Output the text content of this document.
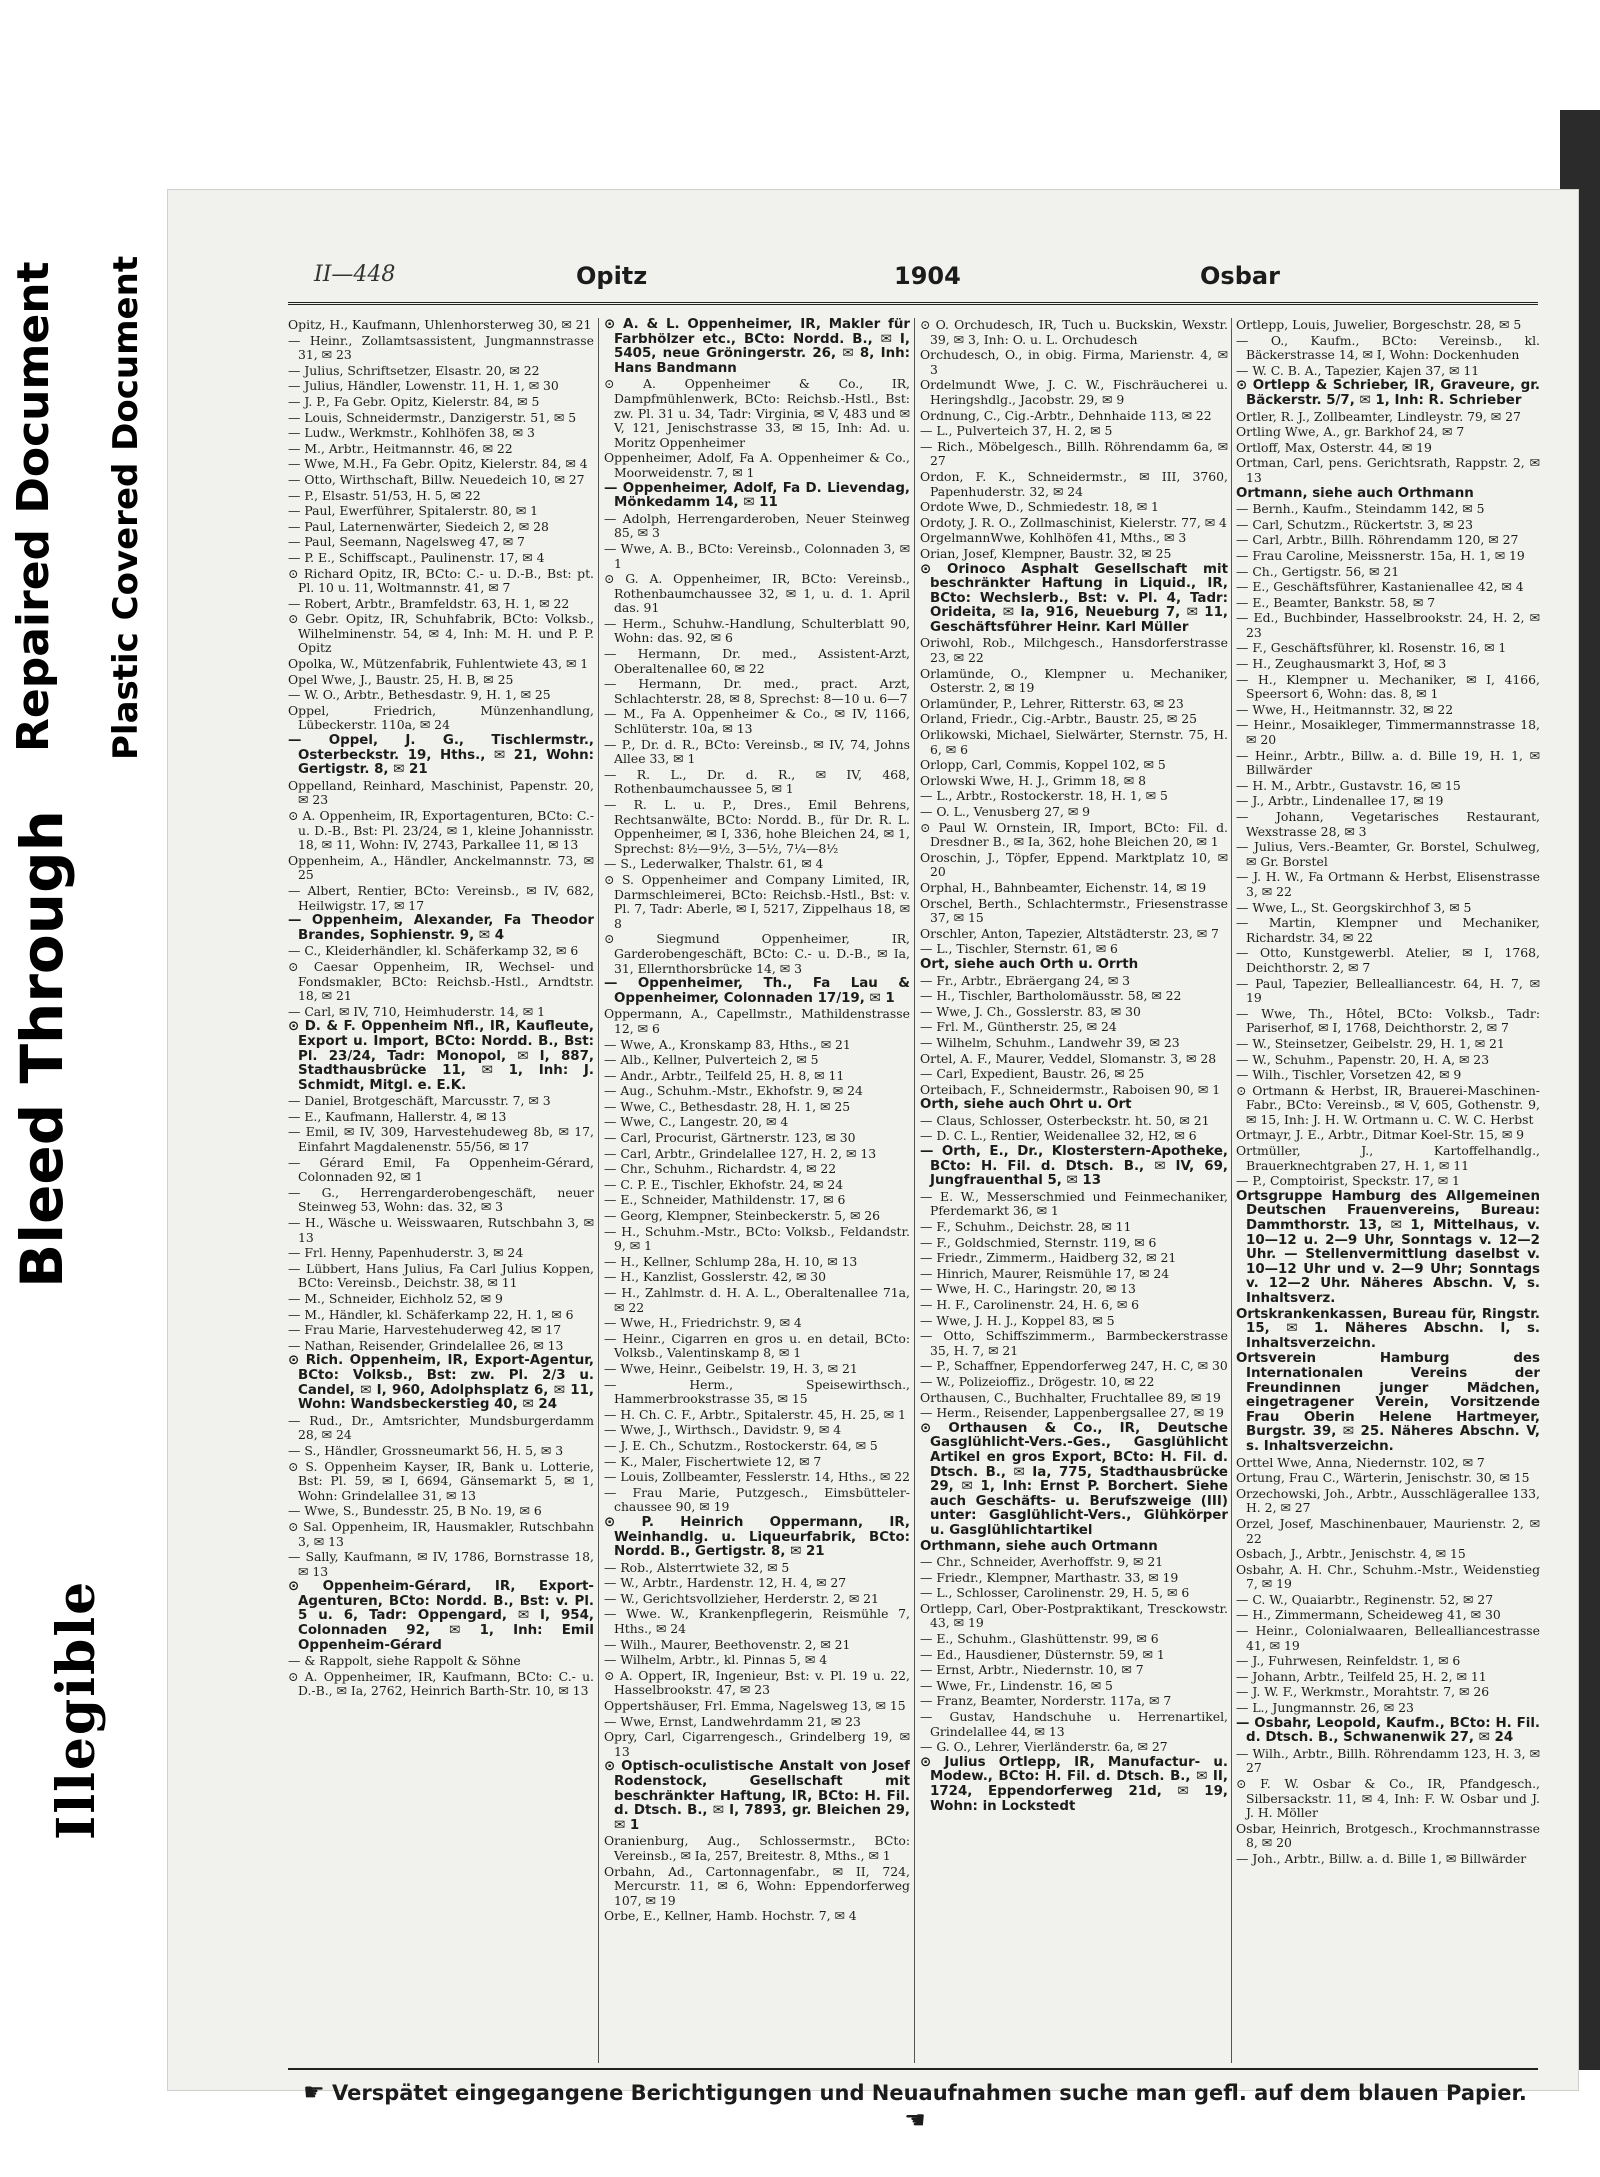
Bleed Through
Repaired Document Plastic Covered Document
Illegible
II—448	Opitz	1904	Osbar
Opitz, H., Kaufmann, Uhlenhorsterweg 30, ✉ 21
— Heinr., Zollamtsassistent, Jungmannstrasse 31, ✉ 23
— Julius, Schriftsetzer, Elsastr. 20, ✉ 22
— Julius, Händler, Lowenstr. 11, H. 1, ✉ 30
— J. P., Fa Gebr. Opitz, Kielerstr. 84, ✉ 5
— Louis, Schneidermstr., Danzigerstr. 51, ✉ 5
— Ludw., Werkmstr., Kohlhöfen 38, ✉ 3
— M., Arbtr., Heitmannstr. 46, ✉ 22
— Wwe, M.H., Fa Gebr. Opitz, Kielerstr. 84, ✉ 4
— Otto, Wirthschaft, Billw. Neuedeich 10, ✉ 27
— P., Elsastr. 51/53, H. 5, ✉ 22
— Paul, Ewerführer, Spitalerstr. 80, ✉ 1
— Paul, Laternenwärter, Siedeich 2, ✉ 28
— Paul, Seemann, Nagelsweg 47, ✉ 7
— P. E., Schiffscapt., Paulinenstr. 17, ✉ 4
⊙ Richard Opitz, IR, BCto: C.- u. D.-B., Bst: pt. Pl. 10 u. 11, Woltmannstr. 41, ✉ 7
— Robert, Arbtr., Bramfeldstr. 63, H. 1, ✉ 22
⊙ Gebr. Opitz, IR, Schuhfabrik, BCto: Volksb., Wilhelminenstr. 54, ✉ 4, Inh: M. H. und P. P. Opitz
Opolka, W., Mützenfabrik, Fuhlentwiete 43, ✉ 1
Opel Wwe, J., Baustr. 25, H. B, ✉ 25
— W. O., Arbtr., Bethesdastr. 9, H. 1, ✉ 25
Oppel, Friedrich, Münzenhandlung, Lübeckerstr. 110a, ✉ 24
— Oppel, J. G., Tischlermstr., Osterbeckstr. 19, Hths., ✉ 21, Wohn: Gertigstr. 8, ✉ 21
Oppelland, Reinhard, Maschinist, Papenstr. 20, ✉ 23
⊙ A. Oppenheim, IR, Exportagenturen, BCto: C.- u. D.-B., Bst: Pl. 23/24, ✉ 1, kleine Johannisstr. 18, ✉ 11, Wohn: IV, 2743, Parkallee 11, ✉ 13
Oppenheim, A., Händler, Anckelmannstr. 73, ✉ 25
— Albert, Rentier, BCto: Vereinsb., ✉ IV, 682, Heilwigstr. 17, ✉ 17
— Oppenheim, Alexander, Fa Theodor Brandes, Sophienstr. 9, ✉ 4
— C., Kleiderhändler, kl. Schäferkamp 32, ✉ 6
⊙ Caesar Oppenheim, IR, Wechsel- und Fondsmakler, BCto: Reichsb.-Hstl., Arndtstr. 18, ✉ 21
— Carl, ✉ IV, 710, Heimhuderstr. 14, ✉ 1
⊙ D. & F. Oppenheim Nfl., IR, Kaufleute, Export u. Import, BCto: Nordd. B., Bst: Pl. 23/24, Tadr: Monopol, ✉ I, 887, Stadthausbrücke 11, ✉ 1, Inh: J. Schmidt, Mitgl. e. E.K.
— Daniel, Brotgeschäft, Marcusstr. 7, ✉ 3
— E., Kaufmann, Hallerstr. 4, ✉ 13
— Emil, ✉ IV, 309, Harvestehudeweg 8b, ✉ 17, Einfahrt Magdalenenstr. 55/56, ✉ 17
— Gérard Emil, Fa Oppenheim-Gérard, Colonnaden 92, ✉ 1
— G., Herrengarderobengeschäft, neuer Steinweg 53, Wohn: das. 32, ✉ 3
— H., Wäsche u. Weisswaaren, Rutschbahn 3, ✉ 13
— Frl. Henny, Papenhuderstr. 3, ✉ 24
— Lübbert, Hans Julius, Fa Carl Julius Koppen, BCto: Vereinsb., Deichstr. 38, ✉ 11
— M., Schneider, Eichholz 52, ✉ 9
— M., Händler, kl. Schäferkamp 22, H. 1, ✉ 6
— Frau Marie, Harvestehuderweg 42, ✉ 17
— Nathan, Reisender, Grindelallee 26, ✉ 13
⊙ Rich. Oppenheim, IR, Export-Agentur, BCto: Volksb., Bst: zw. Pl. 2/3 u. Candel, ✉ I, 960, Adolphsplatz 6, ✉ 11, Wohn: Wandsbeckerstieg 40, ✉ 24
— Rud., Dr., Amtsrichter, Mundsburgerdamm 28, ✉ 24
— S., Händler, Grossneumarkt 56, H. 5, ✉ 3
⊙ S. Oppenheim Kayser, IR, Bank u. Lotterie, Bst: Pl. 59, ✉ I, 6694, Gänsemarkt 5, ✉ 1, Wohn: Grindelallee 31, ✉ 13
— Wwe, S., Bundesstr. 25, B No. 19, ✉ 6
⊙ Sal. Oppenheim, IR, Hausmakler, Rutschbahn 3, ✉ 13
— Sally, Kaufmann, ✉ IV, 1786, Bornstrasse 18, ✉ 13
⊙ Oppenheim-Gérard, IR, Export-Agenturen, BCto: Nordd. B., Bst: v. Pl. 5 u. 6, Tadr: Oppengard, ✉ I, 954, Colonnaden 92, ✉ 1, Inh: Emil Oppenheim-Gérard
— & Rappolt, siehe Rappolt & Söhne
⊙ A. Oppenheimer, IR, Kaufmann, BCto: C.- u. D.-B., ✉ Ia, 2762, Heinrich Barth-Str. 10, ✉ 13
⊙ A. & L. Oppenheimer, IR, Makler für Farbhölzer etc., BCto: Nordd. B., ✉ I, 5405, neue Gröningerstr. 26, ✉ 8, Inh: Hans Bandmann
⊙ A. Oppenheimer & Co., IR, Dampfmühlenwerk, BCto: Reichsb.-Hstl., Bst: zw. Pl. 31 u. 34, Tadr: Virginia, ✉ V, 483 und ✉ V, 121, Jenischstrasse 33, ✉ 15, Inh: Ad. u. Moritz Oppenheimer
Oppenheimer, Adolf, Fa A. Oppenheimer & Co., Moorweidenstr. 7, ✉ 1
— Oppenheimer, Adolf, Fa D. Lievendag, Mönkedamm 14, ✉ 11
— Adolph, Herrengarderoben, Neuer Steinweg 85, ✉ 3
— Wwe, A. B., BCto: Vereinsb., Colonnaden 3, ✉ 1
⊙ G. A. Oppenheimer, IR, BCto: Vereinsb., Rothenbaumchaussee 32, ✉ 1, u. d. 1. April das. 91
— Herm., Schuhw.-Handlung, Schulterblatt 90, Wohn: das. 92, ✉ 6
— Hermann, Dr. med., Assistent-Arzt, Oberaltenallee 60, ✉ 22
— Hermann, Dr. med., pract. Arzt, Schlachterstr. 28, ✉ 8, Sprechst: 8—10 u. 6—7
— M., Fa A. Oppenheimer & Co., ✉ IV, 1166, Schlüterstr. 10a, ✉ 13
— P., Dr. d. R., BCto: Vereinsb., ✉ IV, 74, Johns Allee 33, ✉ 1
— R. L., Dr. d. R., ✉ IV, 468, Rothenbaumchaussee 5, ✉ 1
— R. L. u. P., Dres., Emil Behrens, Rechtsanwälte, BCto: Nordd. B., für Dr. R. L. Oppenheimer, ✉ I, 336, hohe Bleichen 24, ✉ 1, Sprechst: 8½—9½, 3—5½, 7¼—8½
— S., Lederwalker, Thalstr. 61, ✉ 4
⊙ S. Oppenheimer and Company Limited, IR, Darmschleimerei, BCto: Reichsb.-Hstl., Bst: v. Pl. 7, Tadr: Aberle, ✉ I, 5217, Zippelhaus 18, ✉ 8
⊙ Siegmund Oppenheimer, IR, Garderobengeschäft, BCto: C.- u. D.-B., ✉ Ia, 31, Ellernthorsbrücke 14, ✉ 3
— Oppenheimer, Th., Fa Lau & Oppenheimer, Colonnaden 17/19, ✉ 1
Oppermann, A., Capellmstr., Mathildenstrasse 12, ✉ 6
— Wwe, A., Kronskamp 83, Hths., ✉ 21
— Alb., Kellner, Pulverteich 2, ✉ 5
— Andr., Arbtr., Teilfeld 25, H. 8, ✉ 11
— Aug., Schuhm.-Mstr., Ekhofstr. 9, ✉ 24
— Wwe, C., Bethesdastr. 28, H. 1, ✉ 25
— Wwe, C., Langestr. 20, ✉ 4
— Carl, Procurist, Gärtnerstr. 123, ✉ 30
— Carl, Arbtr., Grindelallee 127, H. 2, ✉ 13
— Chr., Schuhm., Richardstr. 4, ✉ 22
— C. P. E., Tischler, Ekhofstr. 24, ✉ 24
— E., Schneider, Mathildenstr. 17, ✉ 6
— Georg, Klempner, Steinbeckerstr. 5, ✉ 26
— H., Schuhm.-Mstr., BCto: Volksb., Feldandstr. 9, ✉ 1
— H., Kellner, Schlump 28a, H. 10, ✉ 13
— H., Kanzlist, Gosslerstr. 42, ✉ 30
— H., Zahlmstr. d. H. A. L., Oberaltenallee 71a, ✉ 22
— Wwe, H., Friedrichstr. 9, ✉ 4
— Heinr., Cigarren en gros u. en detail, BCto: Volksb., Valentinskamp 8, ✉ 1
— Wwe, Heinr., Geibelstr. 19, H. 3, ✉ 21
— Herm., Speisewirthsch., Hammerbrookstrasse 35, ✉ 15
— H. Ch. C. F., Arbtr., Spitalerstr. 45, H. 25, ✉ 1
— Wwe, J., Wirthsch., Davidstr. 9, ✉ 4
— J. E. Ch., Schutzm., Rostockerstr. 64, ✉ 5
— K., Maler, Fischertwiete 12, ✉ 7
— Louis, Zollbeamter, Fesslerstr. 14, Hths., ✉ 22
— Frau Marie, Putzgesch., Eimsbütteler-chaussee 90, ✉ 19
⊙ P. Heinrich Oppermann, IR, Weinhandlg. u. Liqueurfabrik, BCto: Nordd. B., Gertigstr. 8, ✉ 21
— Rob., Alsterrtwiete 32, ✉ 5
— W., Arbtr., Hardenstr. 12, H. 4, ✉ 27
— W., Gerichtsvollzieher, Herderstr. 2, ✉ 21
— Wwe. W., Krankenpflegerin, Reismühle 7, Hths., ✉ 24
— Wilh., Maurer, Beethovenstr. 2, ✉ 21
— Wilhelm, Arbtr., kl. Pinnas 5, ✉ 4
⊙ A. Oppert, IR, Ingenieur, Bst: v. Pl. 19 u. 22, Hasselbrookstr. 47, ✉ 23
Oppertshäuser, Frl. Emma, Nagelsweg 13, ✉ 15
— Wwe, Ernst, Landwehrdamm 21, ✉ 23
Opry, Carl, Cigarrengesch., Grindelberg 19, ✉ 13
⊙ Optisch-oculistische Anstalt von Josef Rodenstock, Gesellschaft mit beschränkter Haftung, IR, BCto: H. Fil. d. Dtsch. B., ✉ I, 7893, gr. Bleichen 29, ✉ 1
Oranienburg, Aug., Schlossermstr., BCto: Vereinsb., ✉ Ia, 257, Breitestr. 8, Mths., ✉ 1
Orbahn, Ad., Cartonnagenfabr., ✉ II, 724, Mercurstr. 11, ✉ 6, Wohn: Eppendorferweg 107, ✉ 19
Orbe, E., Kellner, Hamb. Hochstr. 7, ✉ 4
⊙ O. Orchudesch, IR, Tuch u. Buckskin, Wexstr. 39, ✉ 3, Inh: O. u. L. Orchudesch
Orchudesch, O., in obig. Firma, Marienstr. 4, ✉ 3
Ordelmundt Wwe, J. C. W., Fischräucherei u. Heringshdlg., Jacobstr. 29, ✉ 9
Ordnung, C., Cig.-Arbtr., Dehnhaide 113, ✉ 22
— L., Pulverteich 37, H. 2, ✉ 5
— Rich., Möbelgesch., Billh. Röhrendamm 6a, ✉ 27
Ordon, F. K., Schneidermstr., ✉ III, 3760, Papenhuderstr. 32, ✉ 24
Ordote Wwe, D., Schmiedestr. 18, ✉ 1
Ordoty, J. R. O., Zollmaschinist, Kielerstr. 77, ✉ 4
OrgelmannWwe, Kohlhöfen 41, Mths., ✉ 3
Orian, Josef, Klempner, Baustr. 32, ✉ 25
⊙ Orinoco Asphalt Gesellschaft mit beschränkter Haftung in Liquid., IR, BCto: Wechslerb., Bst: v. Pl. 4, Tadr: Orideita, ✉ Ia, 916, Neueburg 7, ✉ 11, Geschäftsführer Heinr. Karl Müller
Oriwohl, Rob., Milchgesch., Hansdorferstrasse 23, ✉ 22
Orlamünde, O., Klempner u. Mechaniker, Osterstr. 2, ✉ 19
Orlamünder, P., Lehrer, Ritterstr. 63, ✉ 23
Orland, Friedr., Cig.-Arbtr., Baustr. 25, ✉ 25
Orlikowski, Michael, Sielwärter, Sternstr. 75, H. 6, ✉ 6
Orlopp, Carl, Commis, Koppel 102, ✉ 5
Orlowski Wwe, H. J., Grimm 18, ✉ 8
— L., Arbtr., Rostockerstr. 18, H. 1, ✉ 5
— O. L., Venusberg 27, ✉ 9
⊙ Paul W. Ornstein, IR, Import, BCto: Fil. d. Dresdner B., ✉ Ia, 362, hohe Bleichen 20, ✉ 1
Oroschin, J., Töpfer, Eppend. Marktplatz 10, ✉ 20
Orphal, H., Bahnbeamter, Eichenstr. 14, ✉ 19
Orschel, Berth., Schlachtermstr., Friesenstrasse 37, ✉ 15
Orschler, Anton, Tapezier, Altstädterstr. 23, ✉ 7
— L., Tischler, Sternstr. 61, ✉ 6
Ort, siehe auch Orth u. Orrth
— Fr., Arbtr., Ebräergang 24, ✉ 3
— H., Tischler, Bartholomäusstr. 58, ✉ 22
— Wwe, J. Ch., Gosslerstr. 83, ✉ 30
— Frl. M., Güntherstr. 25, ✉ 24
— Wilhelm, Schuhm., Landwehr 39, ✉ 23
Ortel, A. F., Maurer, Veddel, Slomanstr. 3, ✉ 28
— Carl, Expedient, Baustr. 26, ✉ 25
Orteibach, F., Schneidermstr., Raboisen 90, ✉ 1
Orth, siehe auch Ohrt u. Ort
— Claus, Schlosser, Osterbeckstr. ht. 50, ✉ 21
— D. C. L., Rentier, Weidenallee 32, H2, ✉ 6
— Orth, E., Dr., Klosterstern-Apotheke, BCto: H. Fil. d. Dtsch. B., ✉ IV, 69, Jungfrauenthal 5, ✉ 13
— E. W., Messerschmied und Feinmechaniker, Pferdemarkt 36, ✉ 1
— F., Schuhm., Deichstr. 28, ✉ 11
— F., Goldschmied, Sternstr. 119, ✉ 6
— Friedr., Zimmerm., Haidberg 32, ✉ 21
— Hinrich, Maurer, Reismühle 17, ✉ 24
— Wwe, H. C., Haringstr. 20, ✉ 13
— H. F., Carolinenstr. 24, H. 6, ✉ 6
— Wwe, J. H. J., Koppel 83, ✉ 5
— Otto, Schiffszimmerm., Barmbeckerstrasse 35, H. 7, ✉ 21
— P., Schaffner, Eppendorferweg 247, H. C, ✉ 30
— W., Polizeioffiz., Drögestr. 10, ✉ 22
Orthausen, C., Buchhalter, Fruchtallee 89, ✉ 19
— Herm., Reisender, Lappenbergsallee 27, ✉ 19
⊙ Orthausen & Co., IR, Deutsche Gasglühlicht-Vers.-Ges., Gasglühlicht Artikel en gros Export, BCto: H. Fil. d. Dtsch. B., ✉ Ia, 775, Stadthausbrücke 29, ✉ 1, Inh: Ernst P. Borchert. Siehe auch Geschäfts- u. Berufszweige (III) unter: Gasglühlicht-Vers., Glühkörper u. Gasglühlichtartikel
Orthmann, siehe auch Ortmann
— Chr., Schneider, Averhoffstr. 9, ✉ 21
— Friedr., Klempner, Marthastr. 33, ✉ 19
— L., Schlosser, Carolinenstr. 29, H. 5, ✉ 6
Ortlepp, Carl, Ober-Postpraktikant, Tresckowstr. 43, ✉ 19
— E., Schuhm., Glashüttenstr. 99, ✉ 6
— Ed., Hausdiener, Düsternstr. 59, ✉ 1
— Ernst, Arbtr., Niedernstr. 10, ✉ 7
— Wwe, Fr., Lindenstr. 16, ✉ 5
— Franz, Beamter, Norderstr. 117a, ✉ 7
— Gustav, Handschuhe u. Herrenartikel, Grindelallee 44, ✉ 13
— G. O., Lehrer, Vierländerstr. 6a, ✉ 27
⊙ Julius Ortlepp, IR, Manufactur- u. Modew., BCto: H. Fil. d. Dtsch. B., ✉ II, 1724, Eppendorferweg 21d, ✉ 19, Wohn: in Lockstedt
Ortlepp, Louis, Juwelier, Borgeschstr. 28, ✉ 5
— O., Kaufm., BCto: Vereinsb., kl. Bäckerstrasse 14, ✉ I, Wohn: Dockenhuden
— W. C. B. A., Tapezier, Kajen 37, ✉ 11
⊙ Ortlepp & Schrieber, IR, Graveure, gr. Bäckerstr. 5/7, ✉ 1, Inh: R. Schrieber
Ortler, R. J., Zollbeamter, Lindleystr. 79, ✉ 27
Ortling Wwe, A., gr. Barkhof 24, ✉ 7
Ortloff, Max, Osterstr. 44, ✉ 19
Ortman, Carl, pens. Gerichtsrath, Rappstr. 2, ✉ 13
Ortmann, siehe auch Orthmann
— Bernh., Kaufm., Steindamm 142, ✉ 5
— Carl, Schutzm., Rückertstr. 3, ✉ 23
— Carl, Arbtr., Billh. Röhrendamm 120, ✉ 27
— Frau Caroline, Meissnerstr. 15a, H. 1, ✉ 19
— Ch., Gertigstr. 56, ✉ 21
— E., Geschäftsführer, Kastanienallee 42, ✉ 4
— E., Beamter, Bankstr. 58, ✉ 7
— Ed., Buchbinder, Hasselbrookstr. 24, H. 2, ✉ 23
— F., Geschäftsführer, kl. Rosenstr. 16, ✉ 1
— H., Zeughausmarkt 3, Hof, ✉ 3
— H., Klempner u. Mechaniker, ✉ I, 4166, Speersort 6, Wohn: das. 8, ✉ 1
— Wwe, H., Heitmannstr. 32, ✉ 22
— Heinr., Mosaikleger, Timmermannstrasse 18, ✉ 20
— Heinr., Arbtr., Billw. a. d. Bille 19, H. 1, ✉ Billwärder
— H. M., Arbtr., Gustavstr. 16, ✉ 15
— J., Arbtr., Lindenallee 17, ✉ 19
— Johann, Vegetarisches Restaurant, Wexstrasse 28, ✉ 3
— Julius, Vers.-Beamter, Gr. Borstel, Schulweg, ✉ Gr. Borstel
— J. H. W., Fa Ortmann & Herbst, Elisenstrasse 3, ✉ 22
— Wwe, L., St. Georgskirchhof 3, ✉ 5
— Martin, Klempner und Mechaniker, Richardstr. 34, ✉ 22
— Otto, Kunstgewerbl. Atelier, ✉ I, 1768, Deichthorstr. 2, ✉ 7
— Paul, Tapezier, Bellealliancestr. 64, H. 7, ✉ 19
— Wwe, Th., Hôtel, BCto: Volksb., Tadr: Pariserhof, ✉ I, 1768, Deichthorstr. 2, ✉ 7
— W., Steinsetzer, Geibelstr. 29, H. 1, ✉ 21
— W., Schuhm., Papenstr. 20, H. A, ✉ 23
— Wilh., Tischler, Vorsetzen 42, ✉ 9
⊙ Ortmann & Herbst, IR, Brauerei-Maschinen-Fabr., BCto: Vereinsb., ✉ V, 605, Gothenstr. 9, ✉ 15, Inh: J. H. W. Ortmann u. C. W. C. Herbst
Ortmayr, J. E., Arbtr., Ditmar Koel-Str. 15, ✉ 9
Ortmüller, J., Kartoffelhandlg., Brauerknechtgraben 27, H. 1, ✉ 11
— P., Comptoirist, Speckstr. 17, ✉ 1
Ortsgruppe Hamburg des Allgemeinen Deutschen Frauenvereins, Bureau: Dammthorstr. 13, ✉ 1, Mittelhaus, v. 10—12 u. 2—9 Uhr, Sonntags v. 12—2 Uhr. — Stellenvermittlung daselbst v. 10—12 Uhr und v. 2—9 Uhr; Sonntags v. 12—2 Uhr. Näheres Abschn. V, s. Inhaltsverz.
Ortskrankenkassen, Bureau für, Ringstr. 15, ✉ 1. Näheres Abschn. I, s. Inhaltsverzeichn.
Ortsverein Hamburg des Internationalen Vereins der Freundinnen junger Mädchen, eingetragener Verein, Vorsitzende Frau Oberin Helene Hartmeyer, Burgstr. 39, ✉ 25. Näheres Abschn. V, s. Inhaltsverzeichn.
Orttel Wwe, Anna, Niedernstr. 102, ✉ 7
Ortung, Frau C., Wärterin, Jenischstr. 30, ✉ 15
Orzechowski, Joh., Arbtr., Ausschlägerallee 133, H. 2, ✉ 27
Orzel, Josef, Maschinenbauer, Maurienstr. 2, ✉ 22
Osbach, J., Arbtr., Jenischstr. 4, ✉ 15
Osbahr, A. H. Chr., Schuhm.-Mstr., Weidenstieg 7, ✉ 19
— C. W., Quaiarbtr., Reginenstr. 52, ✉ 27
— H., Zimmermann, Scheideweg 41, ✉ 30
— Heinr., Colonialwaaren, Bellealliancestrasse 41, ✉ 19
— J., Fuhrwesen, Reinfeldstr. 1, ✉ 6
— Johann, Arbtr., Teilfeld 25, H. 2, ✉ 11
— J. W. F., Werkmstr., Morahtstr. 7, ✉ 26
— L., Jungmannstr. 26, ✉ 23
— Osbahr, Leopold, Kaufm., BCto: H. Fil. d. Dtsch. B., Schwanenwik 27, ✉ 24
— Wilh., Arbtr., Billh. Röhrendamm 123, H. 3, ✉ 27
⊙ F. W. Osbar & Co., IR, Pfandgesch., Silbersackstr. 11, ✉ 4, Inh: F. W. Osbar und J. J. H. Möller
Osbar, Heinrich, Brotgesch., Krochmannstrasse 8, ✉ 20
— Joh., Arbtr., Billw. a. d. Bille 1, ✉ Billwärder
☛ Verspätet eingegangene Berichtigungen und Neuaufnahmen suche man gefl. auf dem blauen Papier. ☚
